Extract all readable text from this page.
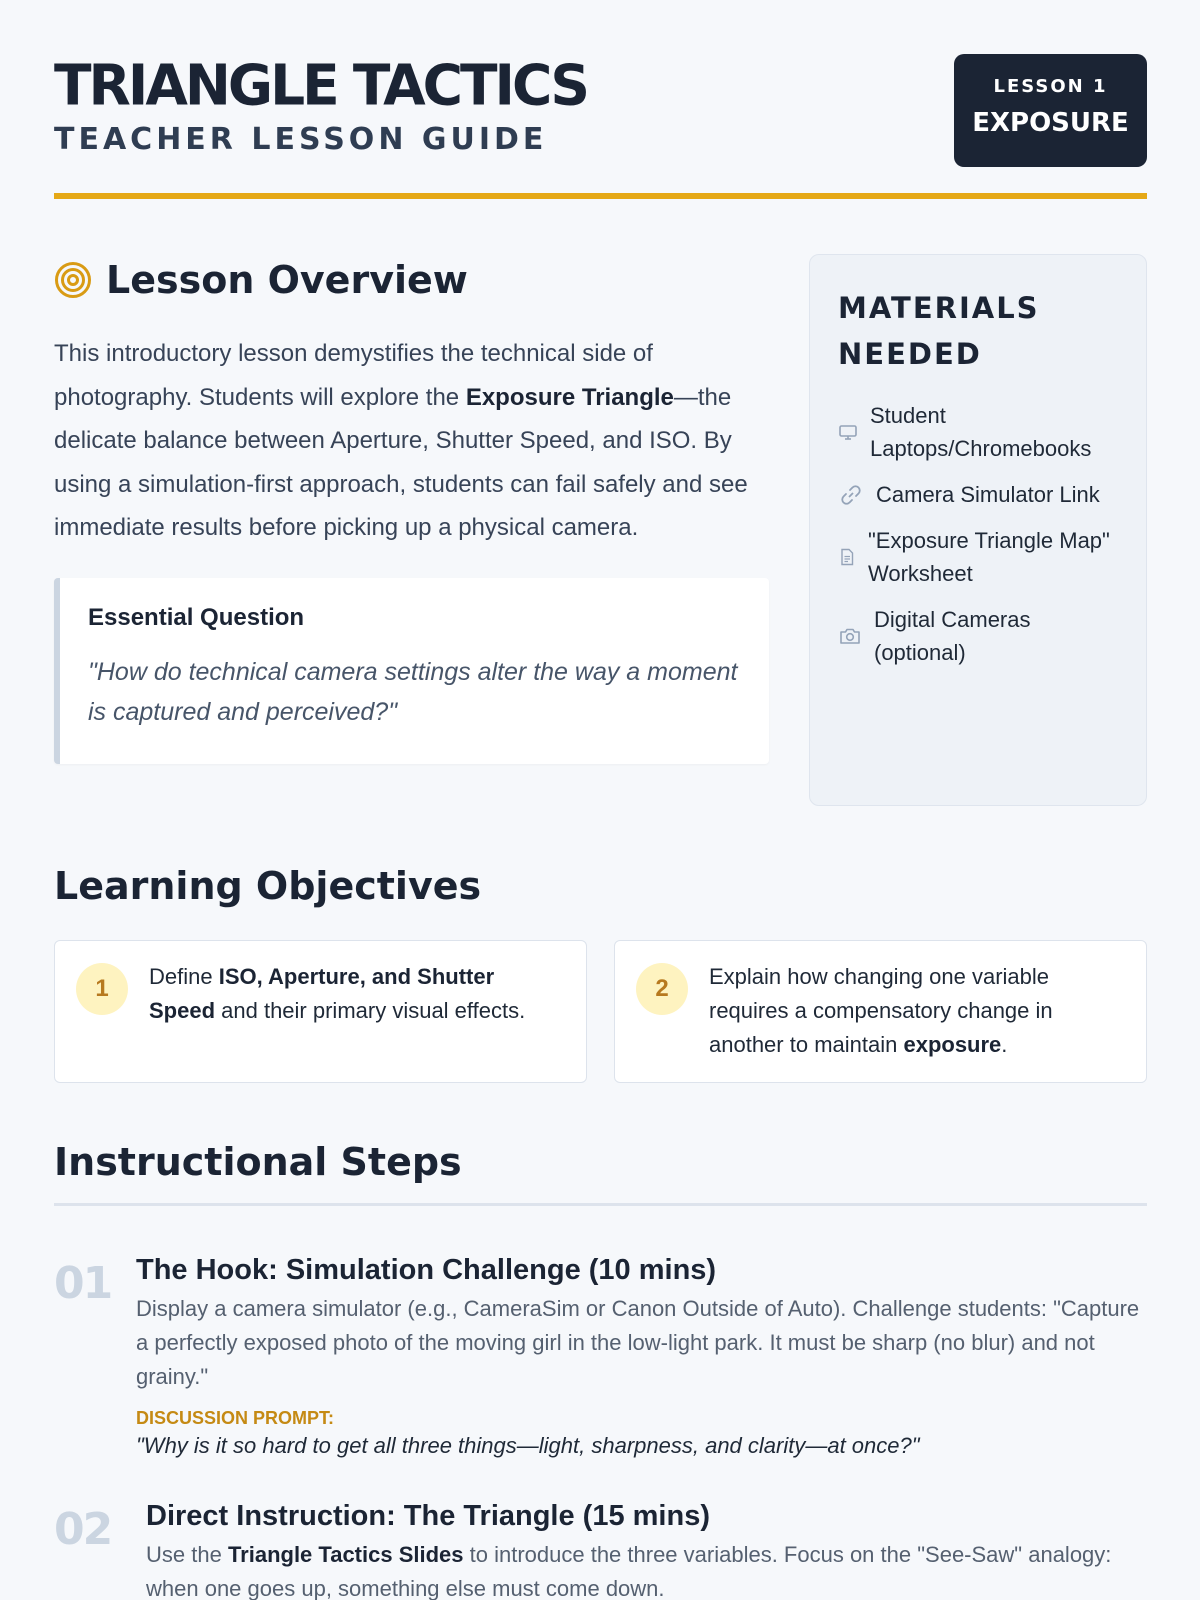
TRIANGLE TACTICS
TEACHER LESSON GUIDE
LESSON 1
EXPOSURE
Lesson Overview

This introductory lesson demystifies the technical side of photography. Students will explore the Exposure Triangle—the delicate balance between Aperture, Shutter Speed, and ISO. By using a simulation-first approach, students can fail safely and see immediate results before picking up a physical camera.

Essential Question
"How do technical camera settings alter the way a moment is captured and perceived?"
MATERIALS NEEDED
Student Laptops/Chromebooks
Camera Simulator Link
"Exposure Triangle Map" Worksheet
Digital Cameras (optional)
Learning Objectives
1	Define ISO, Aperture, and Shutter Speed and their primary visual effects.
2	Explain how changing one variable requires a compensatory change in another to maintain exposure.
Instructional Steps
01 The Hook: Simulation Challenge (10 mins)
Display a camera simulator (e.g., CameraSim or Canon Outside of Auto). Challenge students: "Capture a perfectly exposed photo of the moving girl in the low-light park. It must be sharp (no blur) and not grainy."
DISCUSSION PROMPT:
"Why is it so hard to get all three things—light, sharpness, and clarity—at once?"
02 Direct Instruction: The Triangle (15 mins)
Use the Triangle Tactics Slides to introduce the three variables. Focus on the "See-Saw" analogy: when one goes up, something else must come down.
